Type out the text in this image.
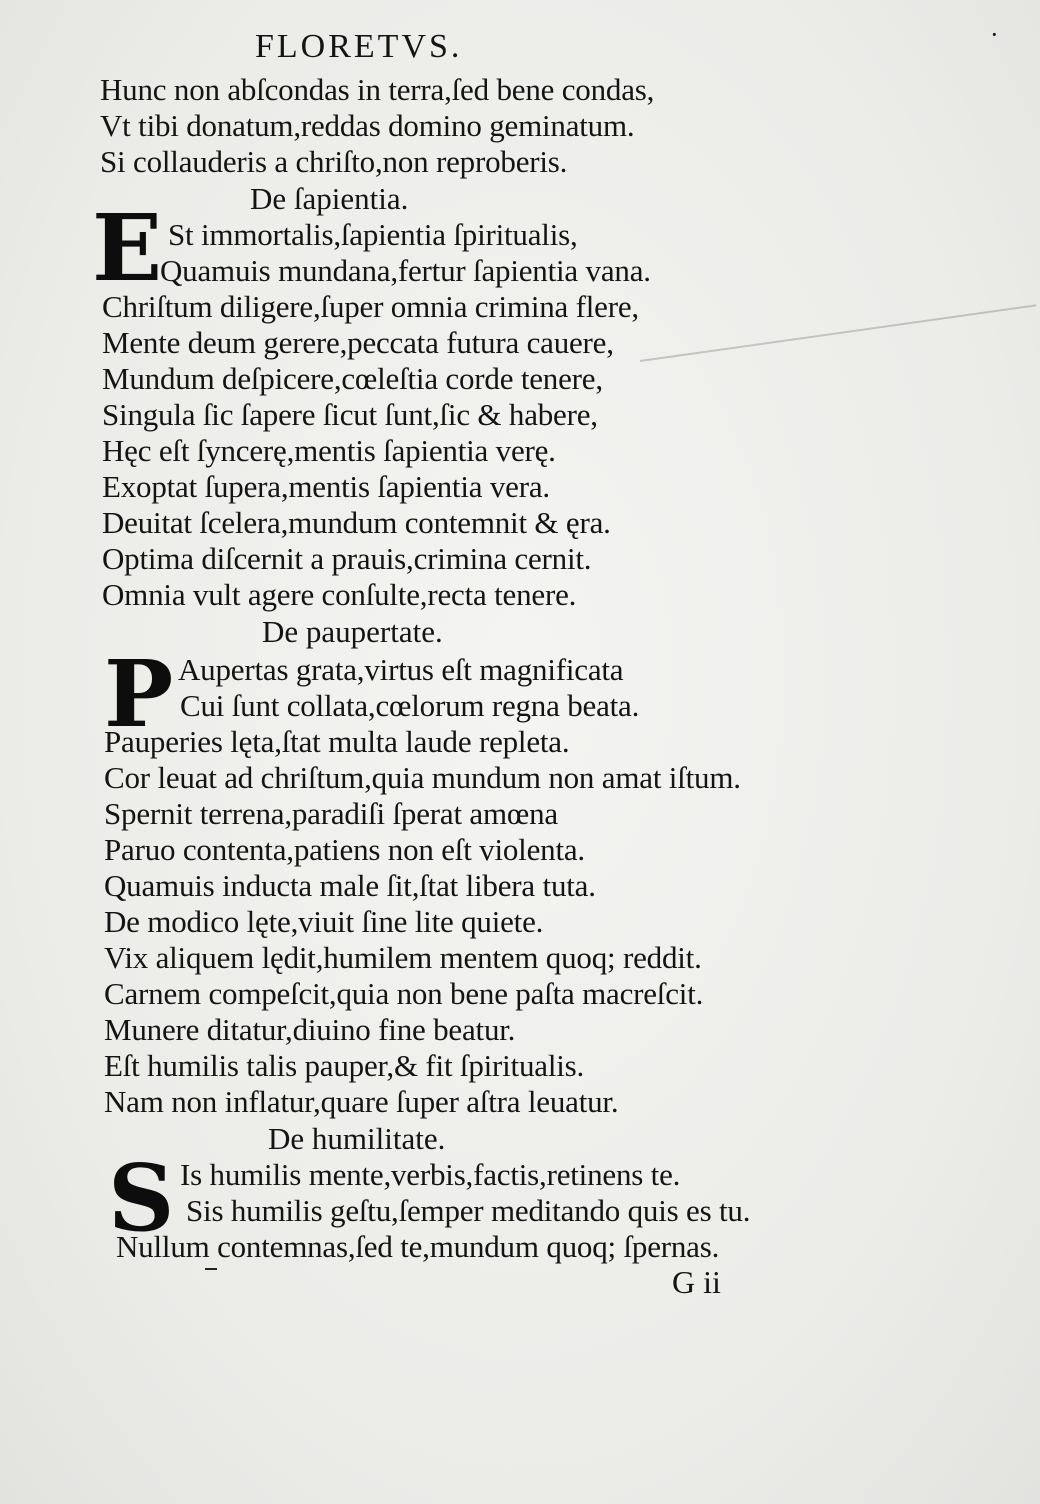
FLORETVS.	·
Hunc non abſcondas in terra,ſed bene condas,
Vt tibi donatum,reddas domino geminatum.
Si collauderis a chriſto,non reproberis.
De ſapientia.
E St immortalis,ſapientia ſpiritualis,
Quamuis mundana,fertur ſapientia vana.
Chriſtum diligere,ſuper omnia crimina flere,
Mente deum gerere,peccata futura cauere,
Mundum deſpicere,cœleſtia corde tenere,
Singula ſic ſapere ſicut ſunt,ſic & habere,
Hęc eſt ſyncerę,mentis ſapientia verę.
Exoptat ſupera,mentis ſapientia vera.
Deuitat ſcelera,mundum contemnit & ęra.
Optima diſcernit a prauis,crimina cernit.
Omnia vult agere conſulte,recta tenere.
De paupertate.
P Aupertas grata,virtus eſt magnificata
Cui ſunt collata,cœlorum regna beata.
Pauperies lęta,ſtat multa laude repleta.
Cor leuat ad chriſtum,quia mundum non amat iſtum.
Spernit terrena,paradiſi ſperat amœna
Paruo contenta,patiens non eſt violenta.
Quamuis inducta male ſit,ſtat libera tuta.
De modico lęte,viuit ſine lite quiete.
Vix aliquem lędit,humilem mentem quoq; reddit.
Carnem compeſcit,quia non bene paſta macreſcit.
Munere ditatur,diuino fine beatur.
Eſt humilis talis pauper,& fit ſpiritualis.
Nam non inflatur,quare ſuper aſtra leuatur.
De humilitate.
S Is humilis mente,verbis,factis,retinens te.
Sis humilis geſtu,ſemper meditando quis es tu.
Nullum contemnas,ſed te,mundum quoq; ſpernas.
G ii
